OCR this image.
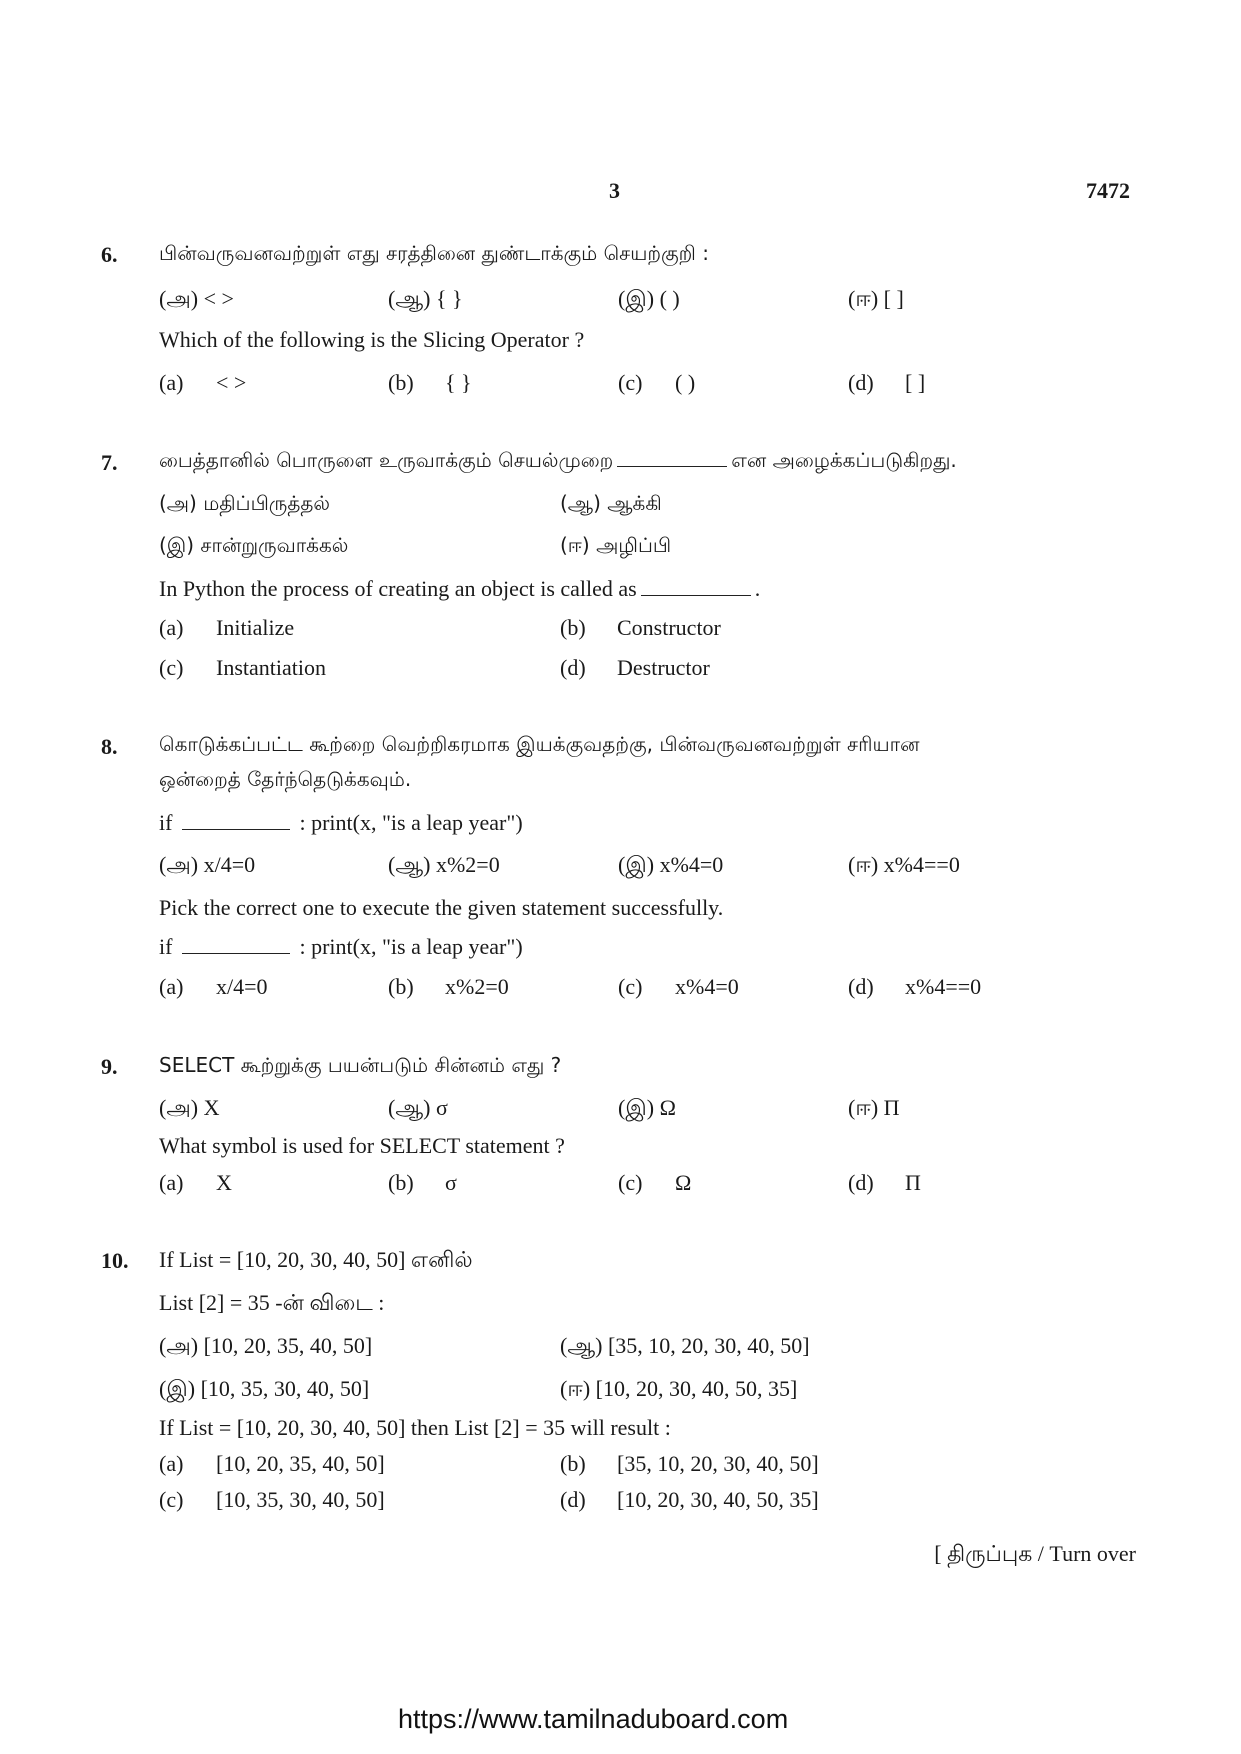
3	7472
6. பின்வருவனவற்றுள் எது சரத்தினை துண்டாக்கும் செயற்குறி :
(அ) < >	(ஆ) { }	(இ) ( )	(ஈ) [ ]
Which of the following is the Slicing Operator ?
(a) < >	(b) { }	(c) ( )	(d) [ ]
7. பைத்தானில் பொருளை உருவாக்கும் செயல்முறை	என அழைக்கப்படுகிறது.
(அ) மதிப்பிருத்தல்	(ஆ) ஆக்கி
(இ) சான்றுருவாக்கல்	(ஈ) அழிப்பி
In Python the process of creating an object is called as	.
(a) Initialize	(b) Constructor
(c) Instantiation	(d) Destructor
8. கொடுக்கப்பட்ட கூற்றை வெற்றிகரமாக இயக்குவதற்கு, பின்வருவனவற்றுள் சரியான
ஒன்றைத் தேர்ந்தெடுக்கவும்.
if	: print(x, "is a leap year")
(அ) x/4=0	(ஆ) x%2=0	(இ) x%4=0	(ஈ) x%4==0
Pick the correct one to execute the given statement successfully.
if	: print(x, "is a leap year")
(a) x/4=0	(b) x%2=0	(c) x%4=0	(d) x%4==0
9. SELECT கூற்றுக்கு பயன்படும் சின்னம் எது ?
(அ) X	(ஆ) σ	(இ) Ω	(ஈ) Π
What symbol is used for SELECT statement ?
(a) X	(b) σ	(c) Ω	(d) Π
10. If List = [10, 20, 30, 40, 50] எனில்
List [2] = 35 -ன் விடை :
(அ) [10, 20, 35, 40, 50]	(ஆ) [35, 10, 20, 30, 40, 50]
(இ) [10, 35, 30, 40, 50]	(ஈ) [10, 20, 30, 40, 50, 35]
If List = [10, 20, 30, 40, 50] then List [2] = 35 will result :
(a) [10, 20, 35, 40, 50]	(b) [35, 10, 20, 30, 40, 50]
(c) [10, 35, 30, 40, 50]	(d) [10, 20, 30, 40, 50, 35]
[ திருப்புக / Turn over
https://www.tamilnaduboard.com
